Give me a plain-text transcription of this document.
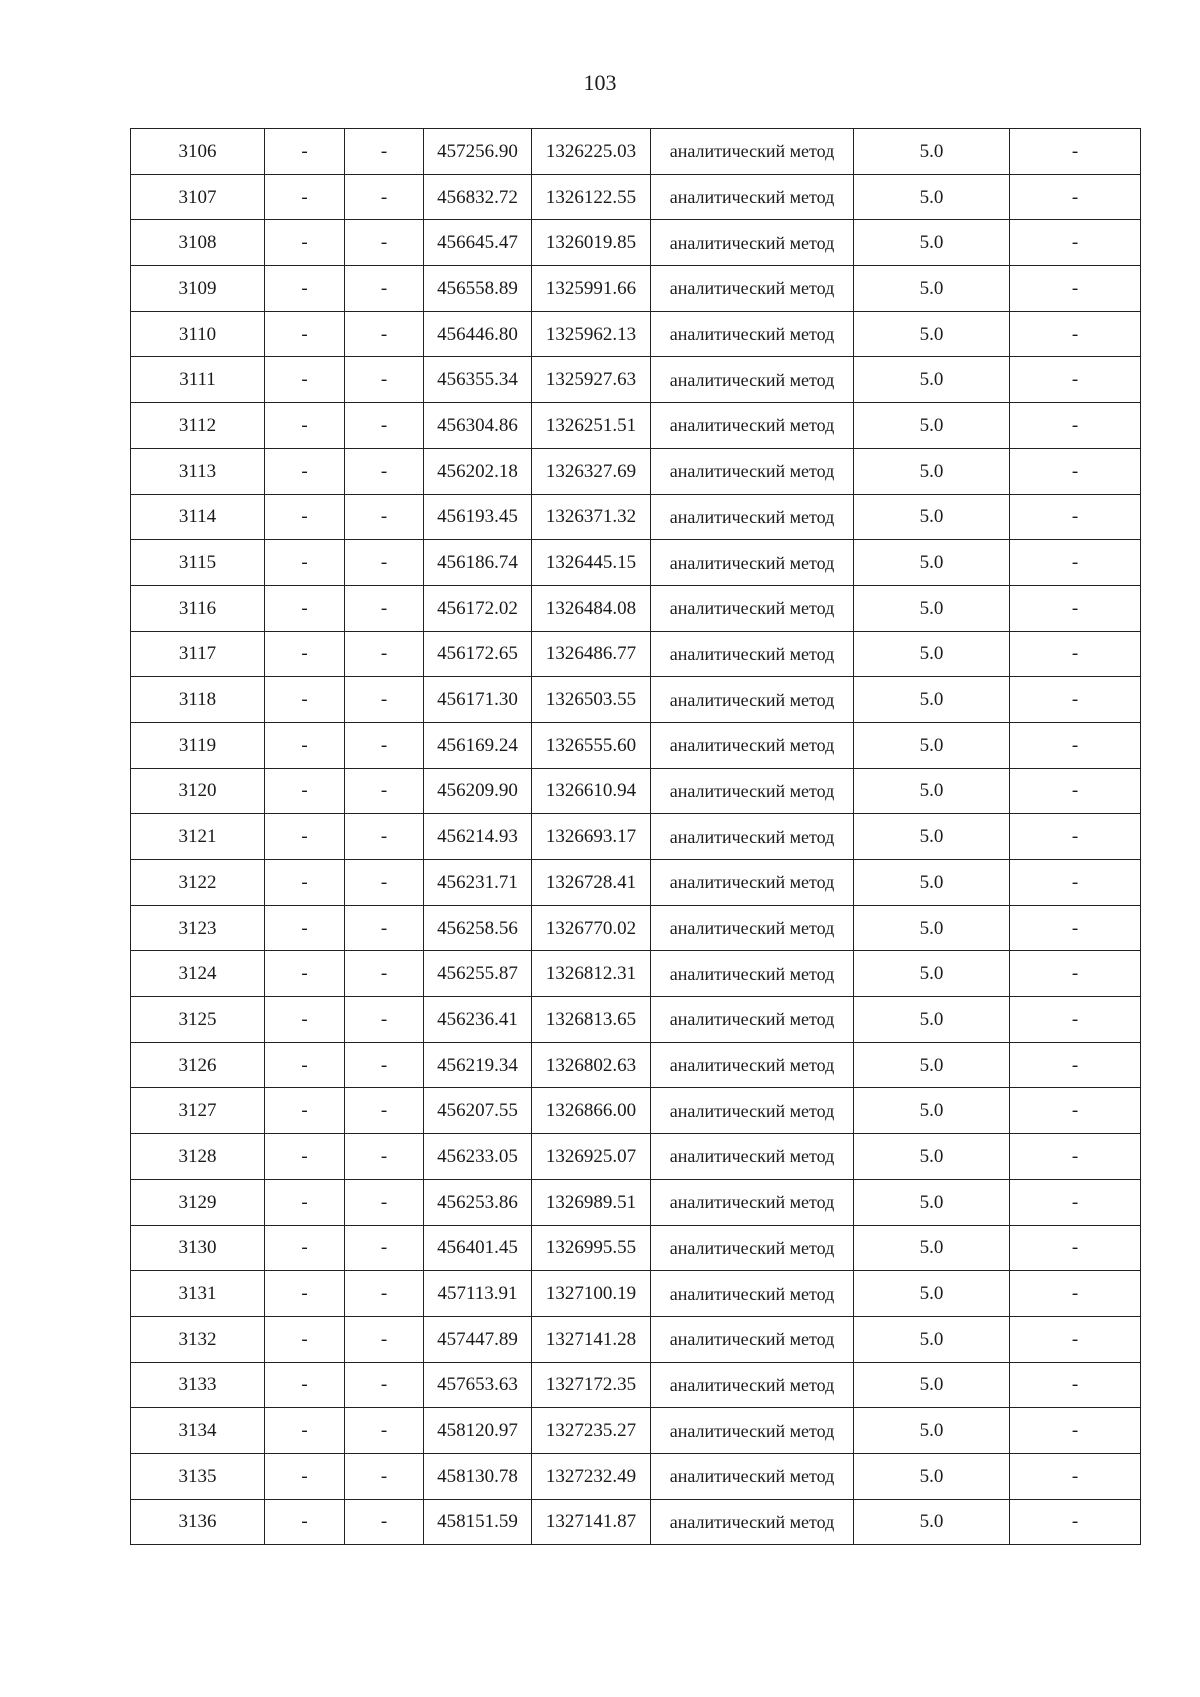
103
3106	-	-	457256.90	1326225.03	аналитический метод	5.0	-
3107	-	-	456832.72	1326122.55	аналитический метод	5.0	-
3108	-	-	456645.47	1326019.85	аналитический метод	5.0	-
3109	-	-	456558.89	1325991.66	аналитический метод	5.0	-
3110	-	-	456446.80	1325962.13	аналитический метод	5.0	-
3111	-	-	456355.34	1325927.63	аналитический метод	5.0	-
3112	-	-	456304.86	1326251.51	аналитический метод	5.0	-
3113	-	-	456202.18	1326327.69	аналитический метод	5.0	-
3114	-	-	456193.45	1326371.32	аналитический метод	5.0	-
3115	-	-	456186.74	1326445.15	аналитический метод	5.0	-
3116	-	-	456172.02	1326484.08	аналитический метод	5.0	-
3117	-	-	456172.65	1326486.77	аналитический метод	5.0	-
3118	-	-	456171.30	1326503.55	аналитический метод	5.0	-
3119	-	-	456169.24	1326555.60	аналитический метод	5.0	-
3120	-	-	456209.90	1326610.94	аналитический метод	5.0	-
3121	-	-	456214.93	1326693.17	аналитический метод	5.0	-
3122	-	-	456231.71	1326728.41	аналитический метод	5.0	-
3123	-	-	456258.56	1326770.02	аналитический метод	5.0	-
3124	-	-	456255.87	1326812.31	аналитический метод	5.0	-
3125	-	-	456236.41	1326813.65	аналитический метод	5.0	-
3126	-	-	456219.34	1326802.63	аналитический метод	5.0	-
3127	-	-	456207.55	1326866.00	аналитический метод	5.0	-
3128	-	-	456233.05	1326925.07	аналитический метод	5.0	-
3129	-	-	456253.86	1326989.51	аналитический метод	5.0	-
3130	-	-	456401.45	1326995.55	аналитический метод	5.0	-
3131	-	-	457113.91	1327100.19	аналитический метод	5.0	-
3132	-	-	457447.89	1327141.28	аналитический метод	5.0	-
3133	-	-	457653.63	1327172.35	аналитический метод	5.0	-
3134	-	-	458120.97	1327235.27	аналитический метод	5.0	-
3135	-	-	458130.78	1327232.49	аналитический метод	5.0	-
3136	-	-	458151.59	1327141.87	аналитический метод	5.0	-
